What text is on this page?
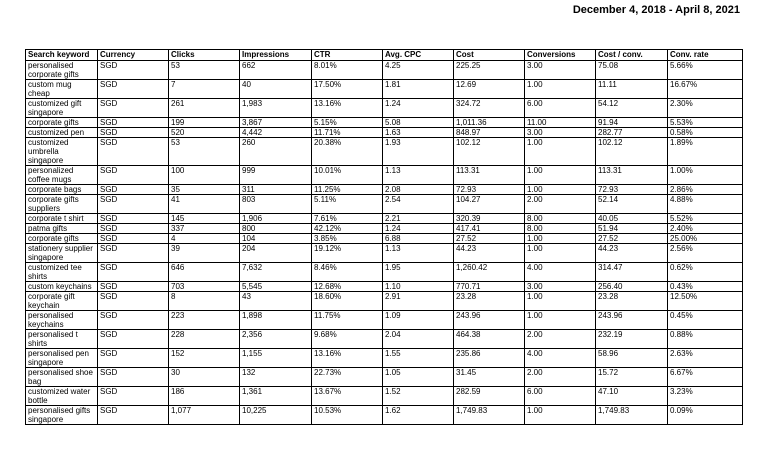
December 4, 2018 - April 8, 2021
Search keyword	Currency	Clicks	Impressions	CTR	Avg. CPC	Cost	Conversions	Cost / conv.	Conv. rate
personalised corporate gifts	SGD	53	662	8.01%	4.25	225.25	3.00	75.08	5.66%
custom mug cheap	SGD	7	40	17.50%	1.81	12.69	1.00	11.11	16.67%
customized gift singapore	SGD	261	1,983	13.16%	1.24	324.72	6.00	54.12	2.30%
corporate gifts	SGD	199	3,867	5.15%	5.08	1,011.36	11.00	91.94	5.53%
customized pen	SGD	520	4,442	11.71%	1.63	848.97	3.00	282.77	0.58%
customized umbrella singapore	SGD	53	260	20.38%	1.93	102.12	1.00	102.12	1.89%
personalized coffee mugs	SGD	100	999	10.01%	1.13	113.31	1.00	113.31	1.00%
corporate bags	SGD	35	311	11.25%	2.08	72.93	1.00	72.93	2.86%
corporate gifts suppliers	SGD	41	803	5.11%	2.54	104.27	2.00	52.14	4.88%
corporate t shirt	SGD	145	1,906	7.61%	2.21	320.39	8.00	40.05	5.52%
patma gifts	SGD	337	800	42.12%	1.24	417.41	8.00	51.94	2.40%
corporate gifts	SGD	4	104	3.85%	6.88	27.52	1.00	27.52	25.00%
stationery supplier singapore	SGD	39	204	19.12%	1.13	44.23	1.00	44.23	2.56%
customized tee shirts	SGD	646	7,632	8.46%	1.95	1,260.42	4.00	314.47	0.62%
custom keychains	SGD	703	5,545	12.68%	1.10	770.71	3.00	256.40	0.43%
corporate gift keychain	SGD	8	43	18.60%	2.91	23.28	1.00	23.28	12.50%
personalised keychains	SGD	223	1,898	11.75%	1.09	243.96	1.00	243.96	0.45%
personalised t shirts	SGD	228	2,356	9.68%	2.04	464.38	2.00	232.19	0.88%
personalised pen singapore	SGD	152	1,155	13.16%	1.55	235.86	4.00	58.96	2.63%
personalised shoe bag	SGD	30	132	22.73%	1.05	31.45	2.00	15.72	6.67%
customized water bottle	SGD	186	1,361	13.67%	1.52	282.59	6.00	47.10	3.23%
personalised gifts singapore	SGD	1,077	10,225	10.53%	1.62	1,749.83	1.00	1,749.83	0.09%
